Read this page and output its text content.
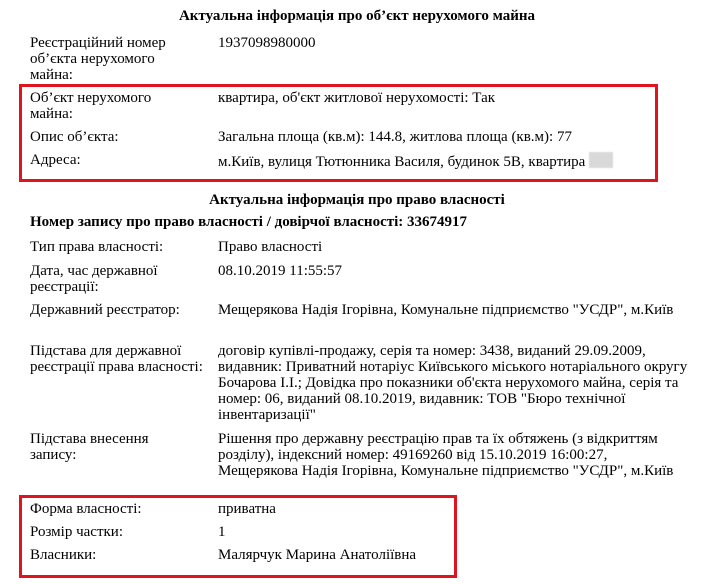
Актуальна інформація про об’єкт нерухомого майна
Реєстраційний номер об’єкта нерухомого майна:
1937098980000
Об’єкт нерухомого майна:
квартира, об'єкт житлової нерухомості: Так
Опис об’єкта:	Загальна площа (кв.м): 144.8, житлова площа (кв.м): 77
Адреса:	м.Київ, вулиця Тютюнника Василя, будинок 5В, квартира
Актуальна інформація про право власності
Номер запису про право власності / довірчої власності: 33674917
Тип права власності:	Право власності
Дата, час державної реєстрації:
08.10.2019 11:55:57
Державний реєстратор:	Мещерякова Надія Ігорівна, Комунальне підприємство "УСДР", м.Київ
Підстава для державної реєстрації права власності:
договір купівлі-продажу, серія та номер: 3438, виданий 29.09.2009, видавник: Приватний нотаріус Київського міського нотаріального округу Бочарова І.І.; Довідка про показники об'єкта нерухомого майна, серія та номер: 06, виданий 08.10.2019, видавник: ТОВ "Бюро технічної інвентаризації"
Підстава внесення запису:
Рішення про державну реєстрацію прав та їх обтяжень (з відкриттям розділу), індексний номер: 49169260 від 15.10.2019 16:00:27, Мещерякова Надія Ігорівна, Комунальне підприємство "УСДР", м.Київ
Форма власності:	приватна
Розмір частки:	1
Власники:	Малярчук Марина Анатоліївна
